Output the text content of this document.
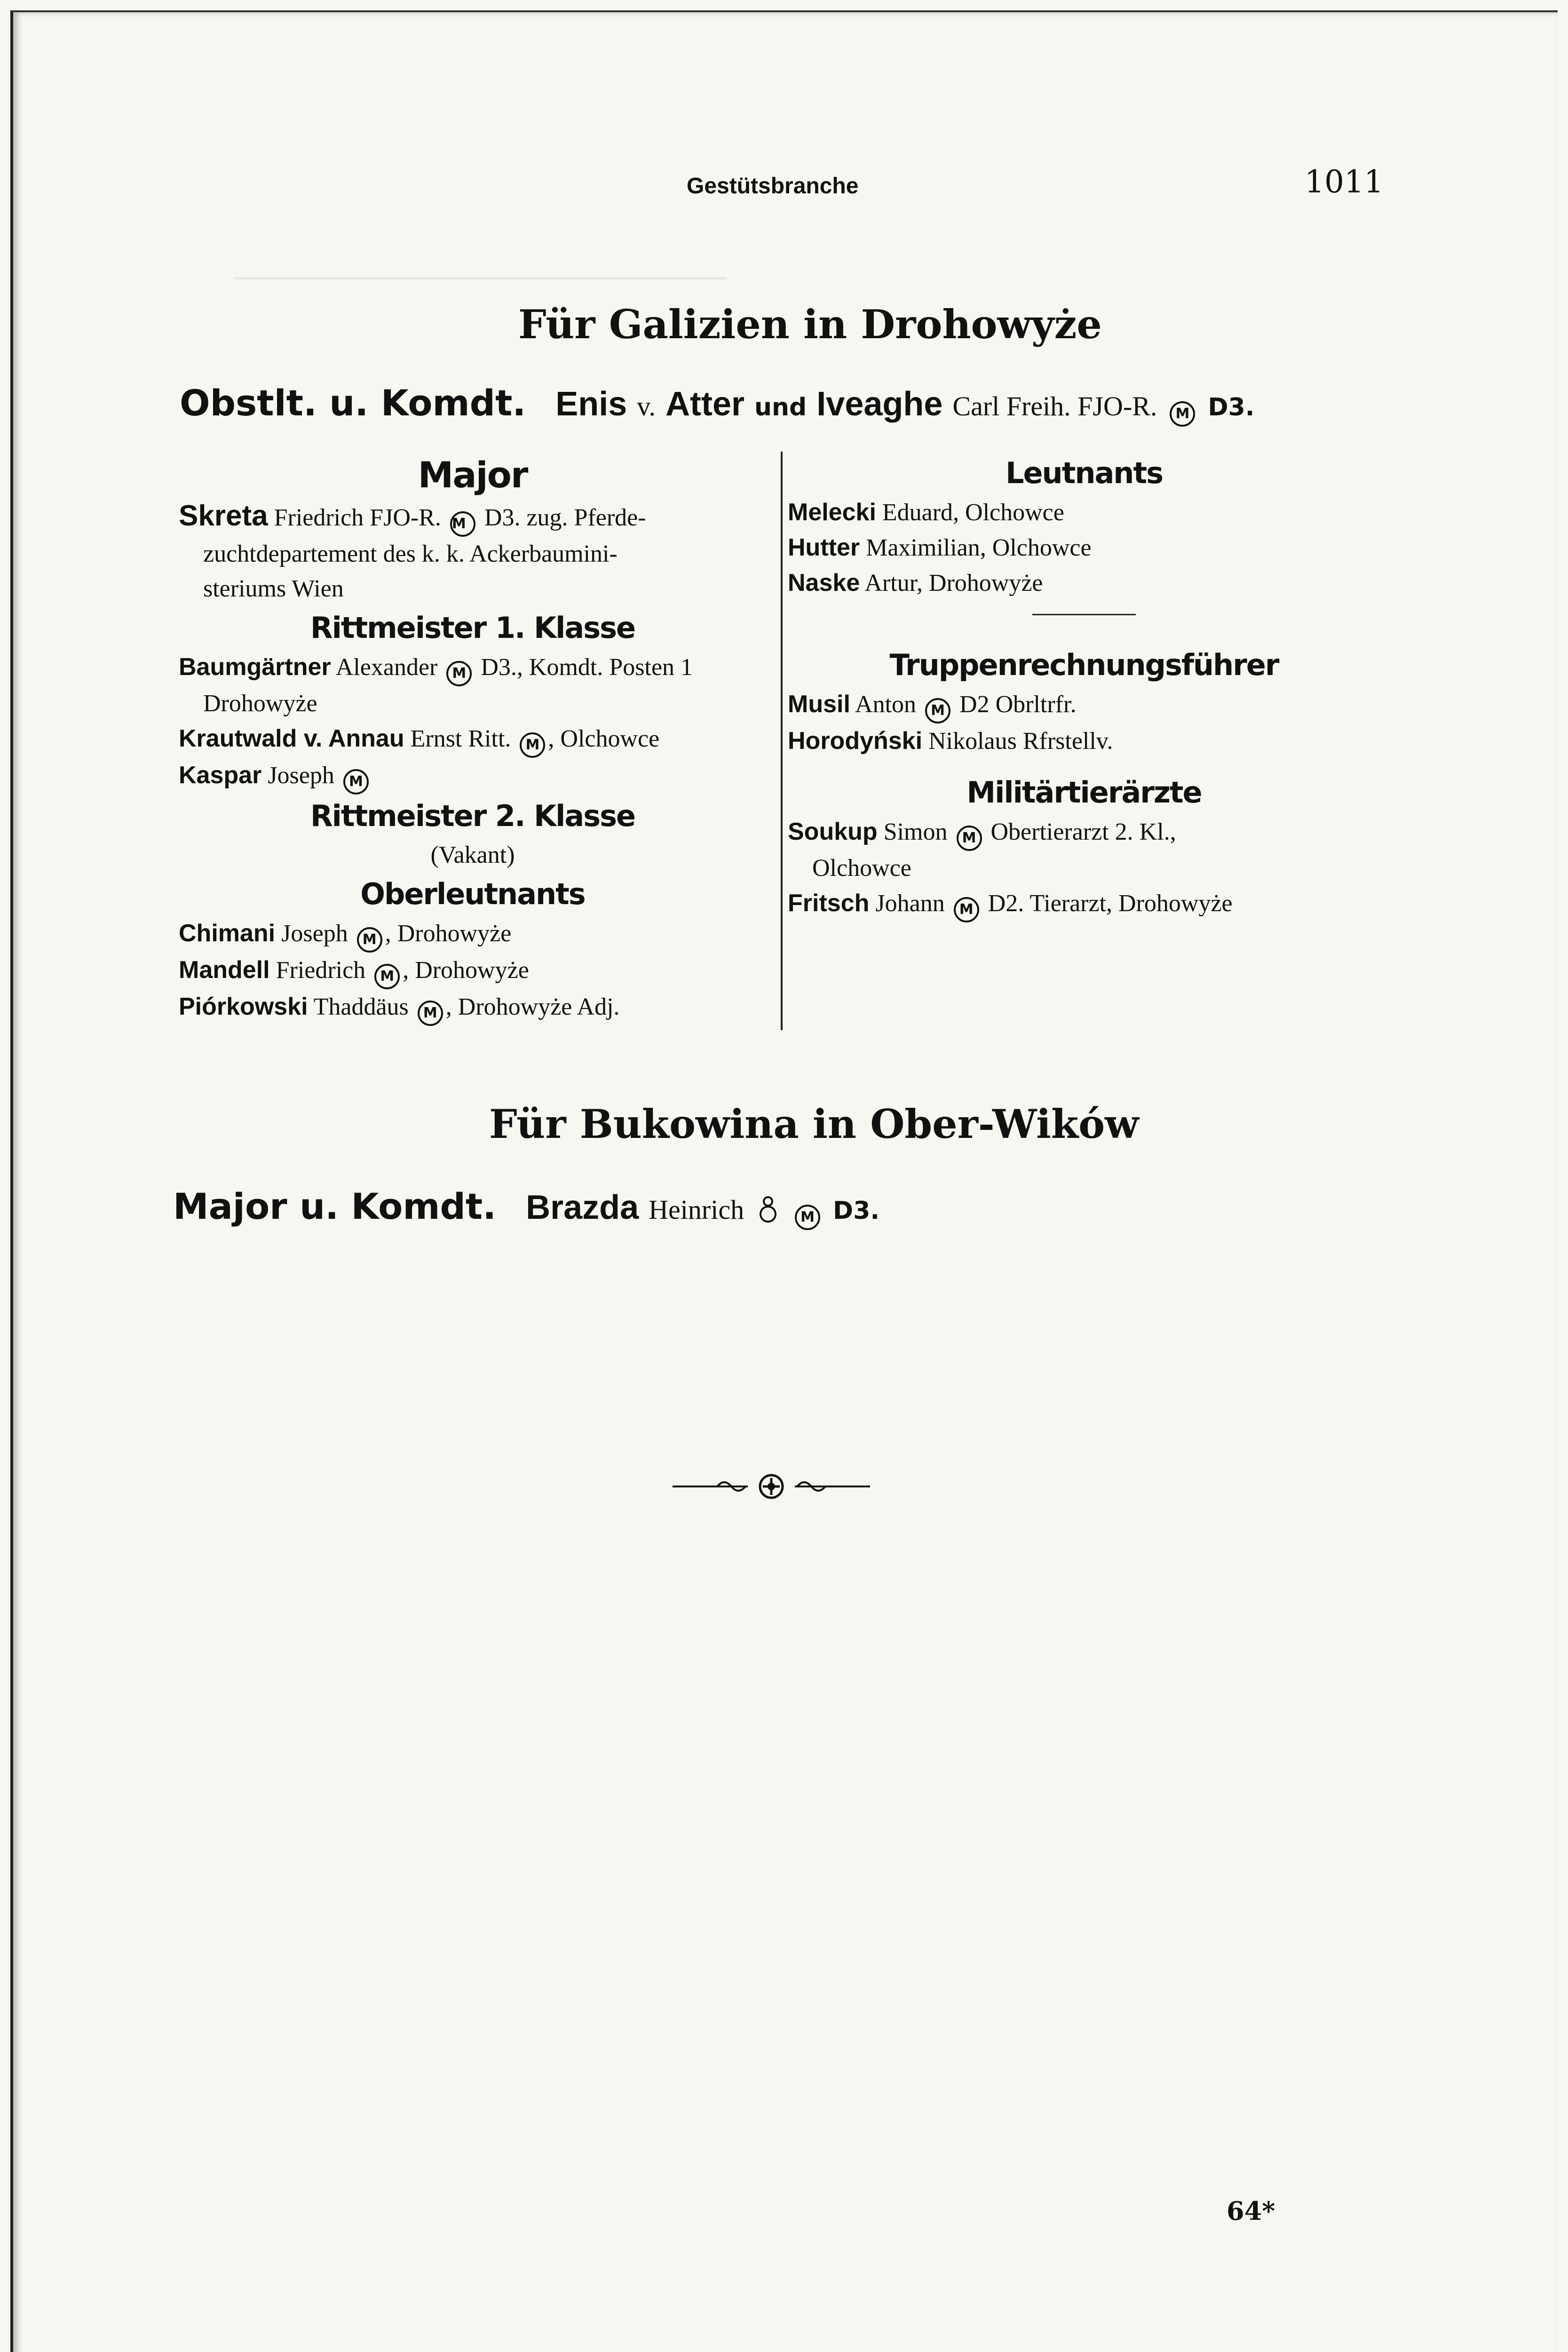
───────────────────────────────
Gestütsbranche	1011
Für Galizien in Drohowyże
Obstlt. u. Komdt. Enis v. Atter und Iveaghe Carl Freih. FJO-R. M D3.
Major
Skreta Friedrich FJO-R. M D3. zug. Pferde-
zuchtdepartement des k. k. Ackerbaumini-
steriums Wien
Rittmeister 1. Klasse
Baumgärtner Alexander M D3., Komdt. Posten 1
Drohowyże
Krautwald v. Annau Ernst Ritt. M , Olchowce
Kaspar Joseph M
Rittmeister 2. Klasse
(Vakant)
Oberleutnants
Chimani Joseph M , Drohowyże
Mandell Friedrich M , Drohowyże
Piórkowski Thaddäus M , Drohowyże Adj.
Leutnants
Melecki Eduard, Olchowce
Hutter Maximilian, Olchowce
Naske Artur, Drohowyże
Truppenrechnungsführer
Musil Anton M D2 Obrltrfr.
Horodyński Nikolaus Rfrstellv.
Militärtierärzte
Soukup Simon M Obertierarzt 2. Kl.,
Olchowce
Fritsch Johann M D2. Tierarzt, Drohowyże
Für Bukowina in Ober-Wików
Major u. Komdt. Brazda Heinrich	M D3.
64*
